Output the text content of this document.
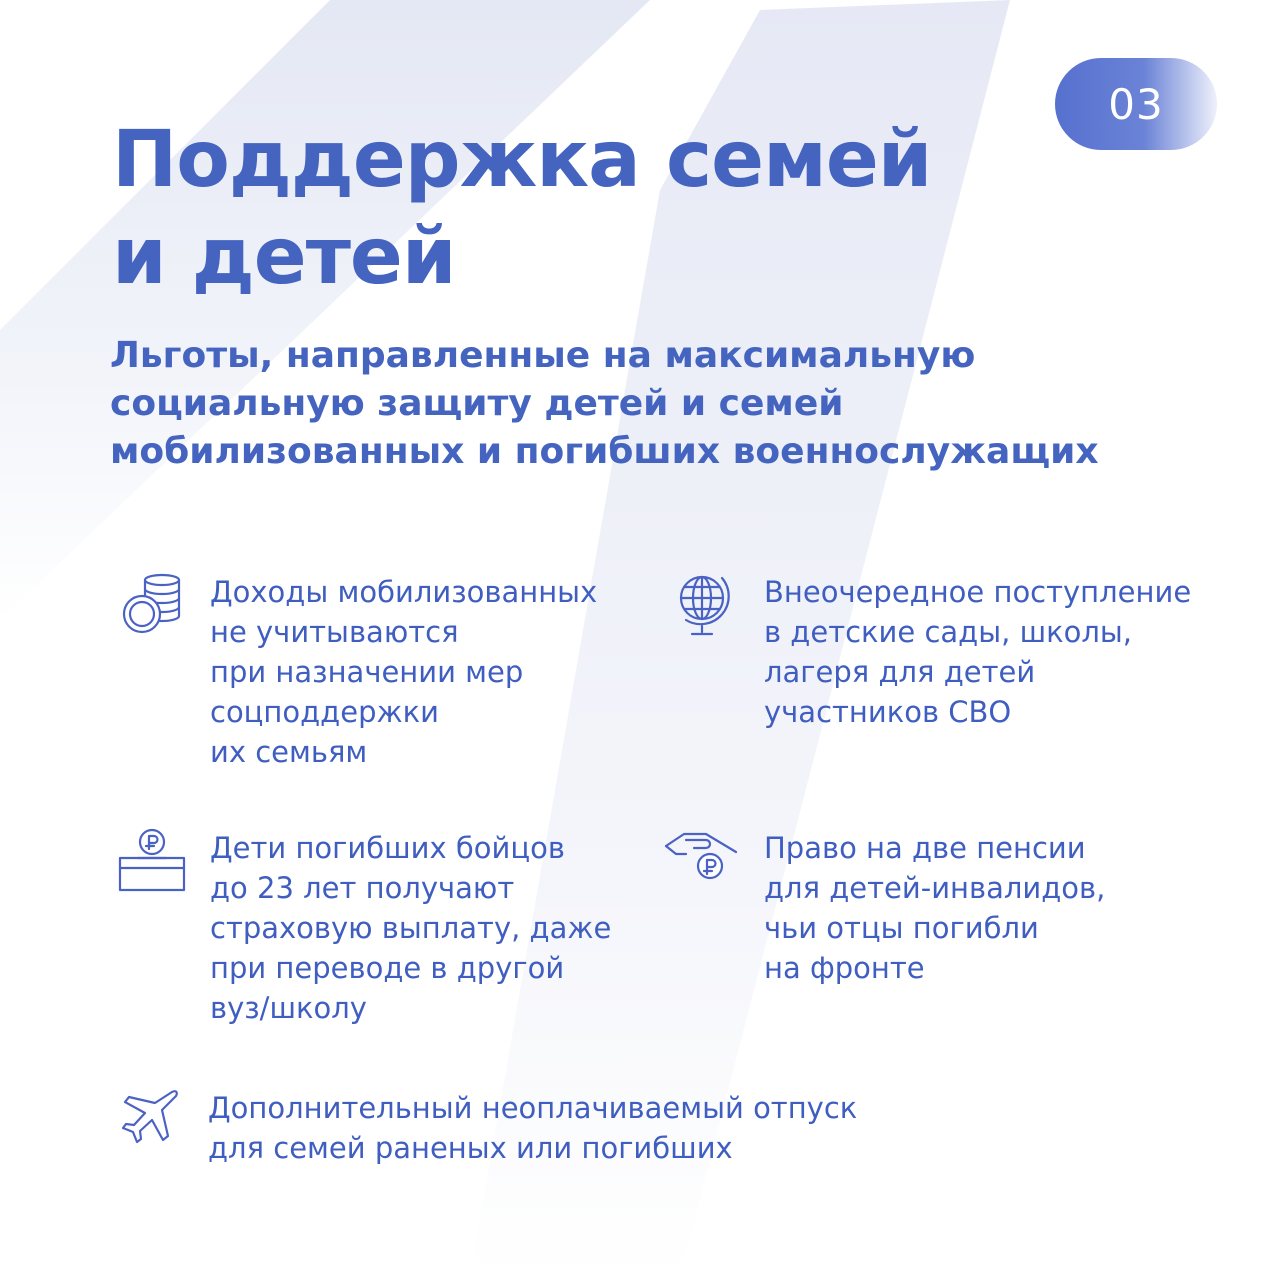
03
Поддержка семей
и детей
Льготы, направленные на максимальную
социальную защиту детей и семей
мобилизованных и погибших военнослужащих

Доходы мобилизованных
не учитываются
при назначении мер
соцподдержки
их семьям

Внеочередное поступление
в детские сады, школы,
лагеря для детей
участников СВО

Дети погибших бойцов
до 23 лет получают
страховую выплату, даже
при переводе в другой
вуз/школу

Право на две пенсии
для детей-инвалидов,
чьи отцы погибли
на фронте

Дополнительный неоплачиваемый отпуск
для семей раненых или погибших
